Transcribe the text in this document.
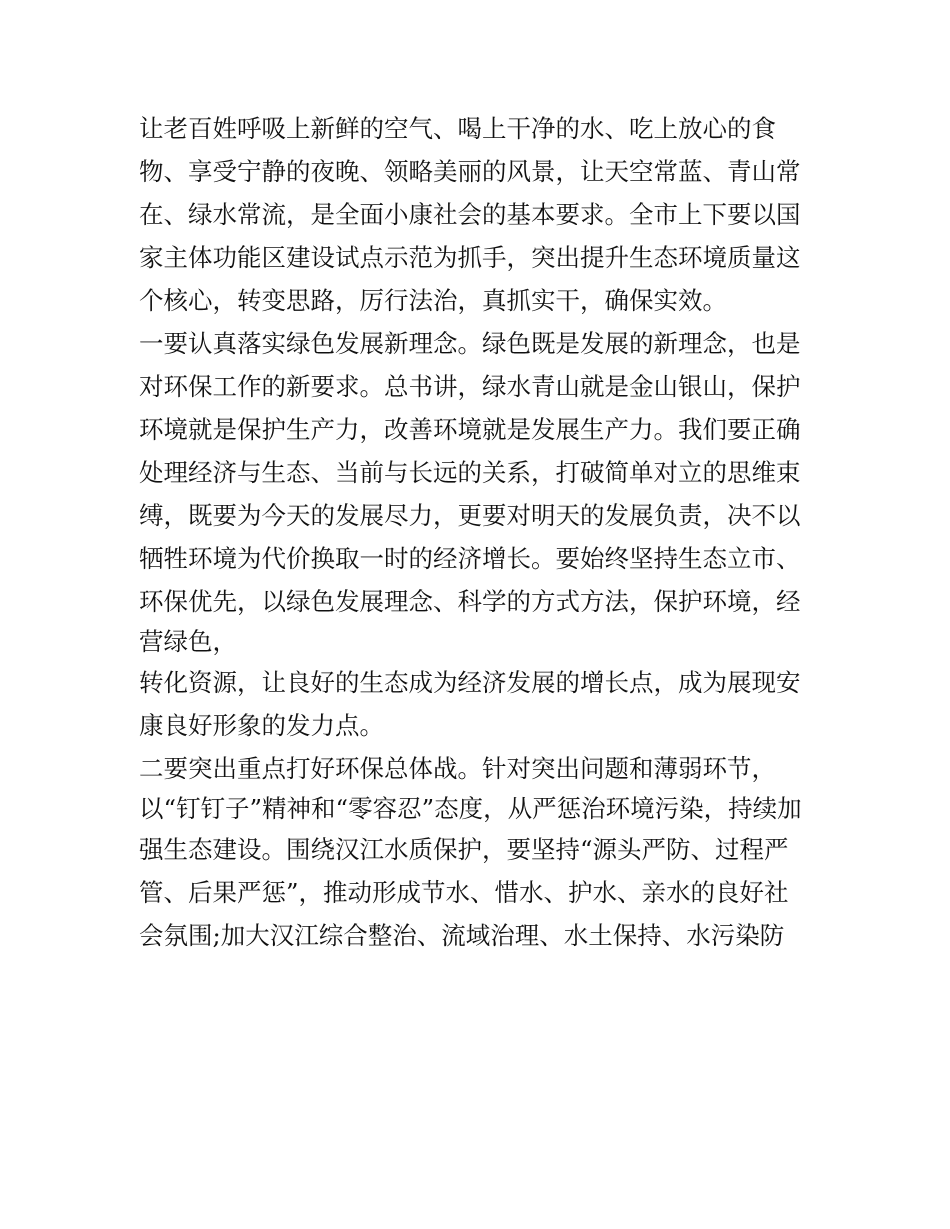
让老百姓呼吸上新鲜的空气、喝上干净的水、吃上放心的食
物、享受宁静的夜晚、领略美丽的风景，让天空常蓝、青山常
在、绿水常流，是全面小康社会的基本要求。全市上下要以国
家主体功能区建设试点示范为抓手，突出提升生态环境质量这
个核心，转变思路，厉行法治，真抓实干，确保实效。
一要认真落实绿色发展新理念。绿色既是发展的新理念，也是
对环保工作的新要求。总书讲，绿水青山就是金山银山，保护
环境就是保护生产力，改善环境就是发展生产力。我们要正确
处理经济与生态、当前与长远的关系，打破简单对立的思维束
缚，既要为今天的发展尽力，更要对明天的发展负责，决不以
牺牲环境为代价换取一时的经济增长。要始终坚持生态立市、
环保优先，以绿色发展理念、科学的方式方法，保护环境，经
营绿色，
转化资源，让良好的生态成为经济发展的增长点，成为展现安
康良好形象的发力点。
二要突出重点打好环保总体战。针对突出问题和薄弱环节，
以“钉钉子”精神和“零容忍”态度，从严惩治环境污染，持续加
强生态建设。围绕汉江水质保护，要坚持“源头严防、过程严
管、后果严惩”，推动形成节水、惜水、护水、亲水的良好社
会氛围;加大汉江综合整治、流域治理、水土保持、水污染防
